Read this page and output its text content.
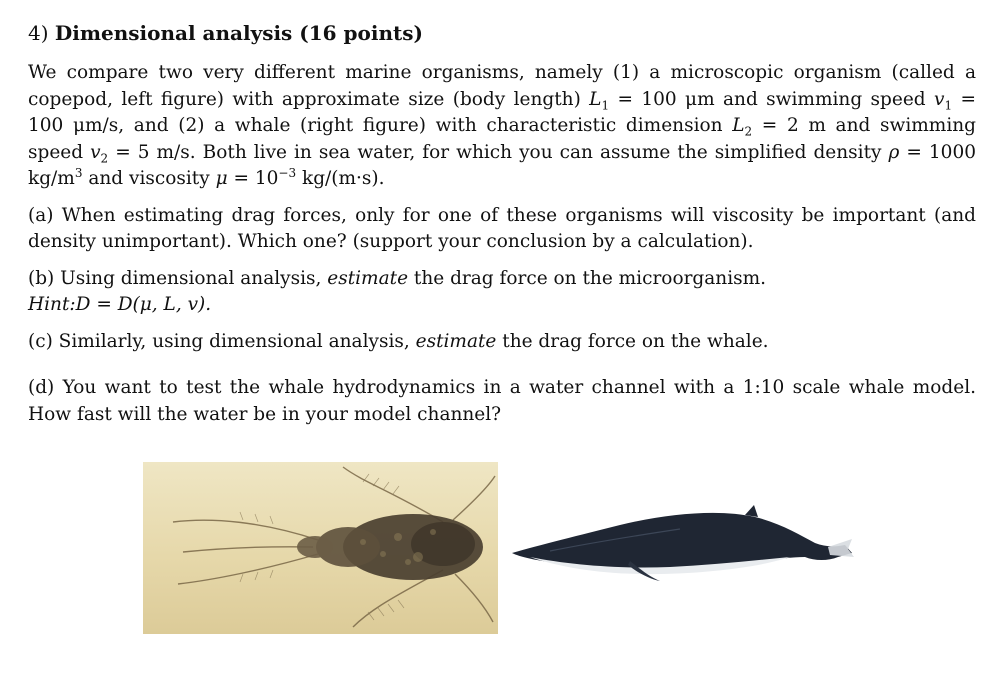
4) Dimensional analysis (16 points)

We compare two very different marine organisms, namely (1) a microscopic organism (called a copepod, left figure) with approximate size (body length) $L_1 = 100$ μm and swimming speed $v_1 = 100$ μm/s, and (2) a whale (right figure) with characteristic dimension $L_2 = 2$ m and swimming speed $v_2 = 5$ m/s. Both live in sea water, for which you can assume the simplified density ρ = 1000 $kg/m^3$ and viscosity $\mu = 10^{-3}$ kg/(m·s).

(a) When estimating drag forces, only for one of these organisms will viscosity be important (and density unimportant). Which one? (support your conclusion by a calculation).

(b) Using dimensional analysis, estimate the drag force on the microorganism.
Hint:D = D(μ, L, v).

(c) Similarly, using dimensional analysis, estimate the drag force on the whale.

(d) You want to test the whale hydrodynamics in a water channel with a 1:10 scale whale model. How fast will the water be in your model channel?
